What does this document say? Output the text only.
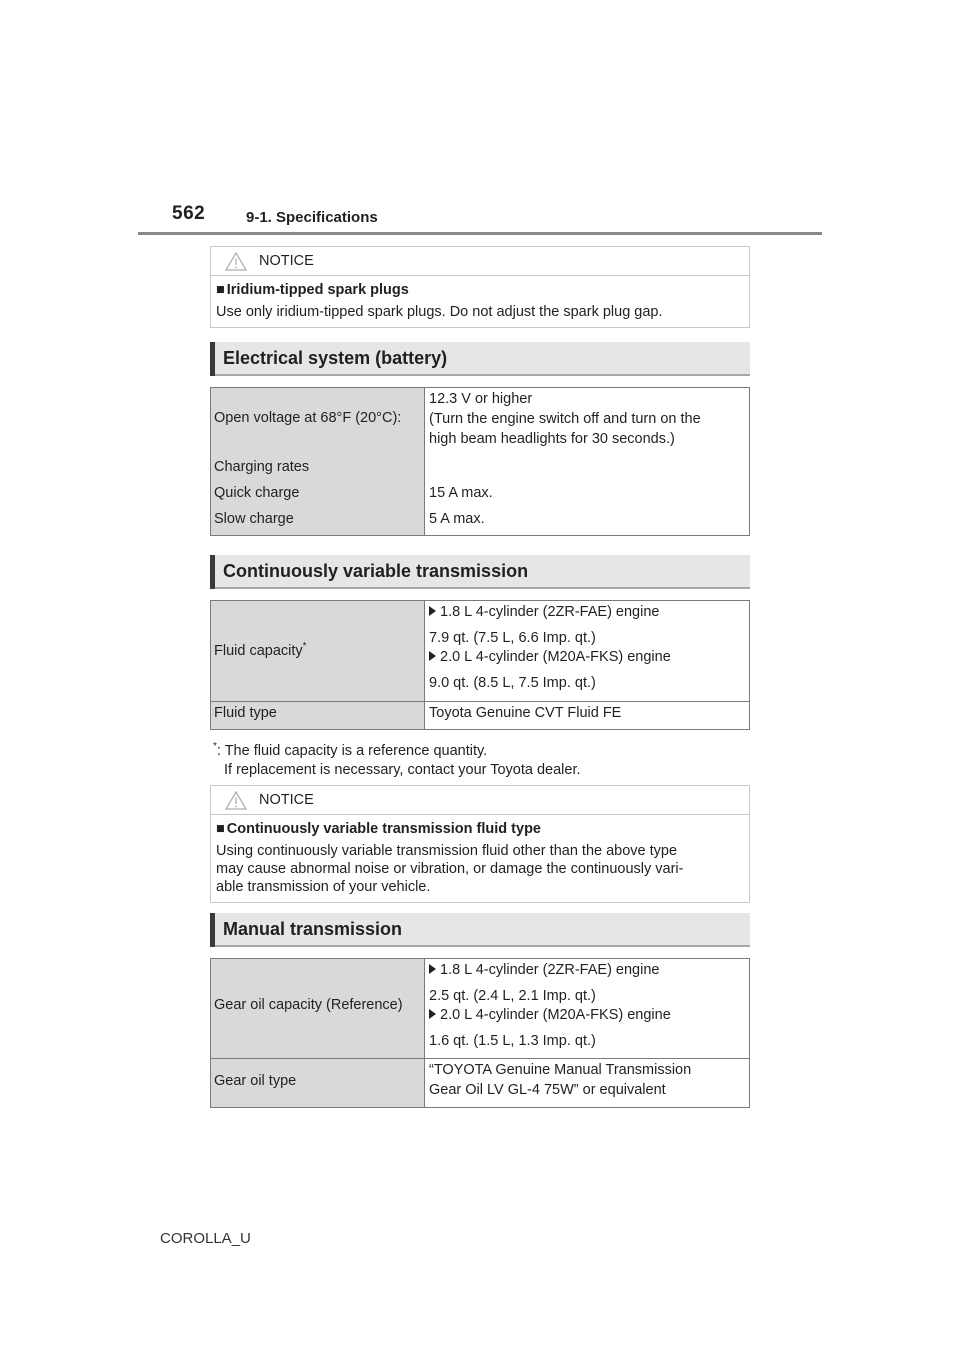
562	9-1. Specifications
NOTICE
■ Iridium-tipped spark plugs
Use only iridium-tipped spark plugs. Do not adjust the spark plug gap.
Electrical system (battery)
Open voltage at 68°F (20°C):
Charging rates
Quick charge
Slow charge
12.3 V or higher
(Turn the engine switch off and turn on the
high beam headlights for 30 seconds.)
15 A max.
5 A max.
Continuously variable transmission
Fluid capacity*
1.8 L 4-cylinder (2ZR-FAE) engine
7.9 qt. (7.5 L, 6.6 Imp. qt.)
2.0 L 4-cylinder (M20A-FKS) engine
9.0 qt. (8.5 L, 7.5 Imp. qt.)
Fluid type	Toyota Genuine CVT Fluid FE
*: The fluid capacity is a reference quantity.
If replacement is necessary, contact your Toyota dealer.
NOTICE
■ Continuously variable transmission fluid type
Using continuously variable transmission fluid other than the above type
may cause abnormal noise or vibration, or damage the continuously vari-
able transmission of your vehicle.
Manual transmission
Gear oil capacity (Reference)
1.8 L 4-cylinder (2ZR-FAE) engine
2.5 qt. (2.4 L, 2.1 Imp. qt.)
2.0 L 4-cylinder (M20A-FKS) engine
1.6 qt. (1.5 L, 1.3 Imp. qt.)
Gear oil type
“TOYOTA Genuine Manual Transmission
Gear Oil LV GL-4 75W” or equivalent
COROLLA_U
